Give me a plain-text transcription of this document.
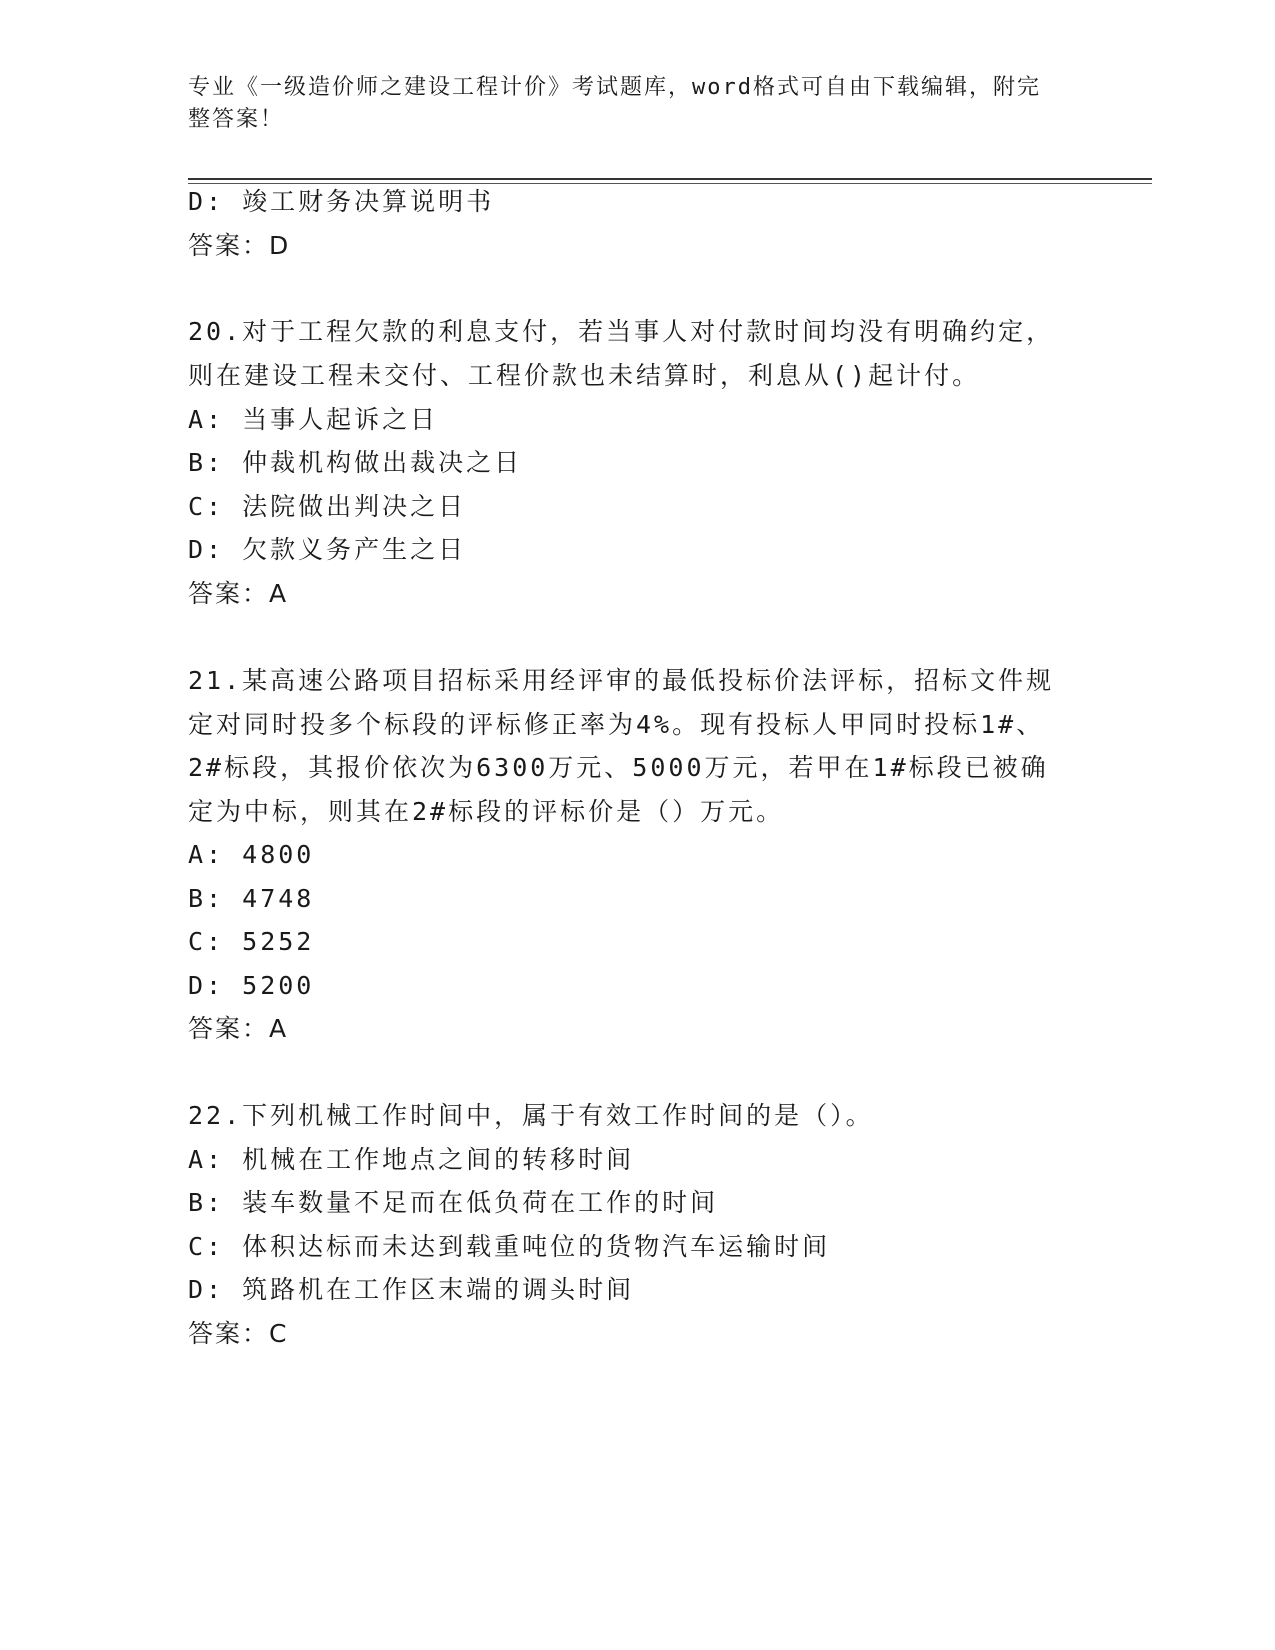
专业《一级造价师之建设工程计价》考试题库，word格式可自由下载编辑，附完
整答案！
D: 竣工财务决算说明书
答案：D
20.对于工程欠款的利息支付，若当事人对付款时间均没有明确约定，
则在建设工程未交付、工程价款也未结算时，利息从()起计付。
A: 当事人起诉之日
B: 仲裁机构做出裁决之日
C: 法院做出判决之日
D: 欠款义务产生之日
答案：A
21.某高速公路项目招标采用经评审的最低投标价法评标，招标文件规
定对同时投多个标段的评标修正率为4%。现有投标人甲同时投标1#、
2#标段，其报价依次为6300万元、5000万元，若甲在1#标段已被确
定为中标，则其在2#标段的评标价是（）万元。
A: 4800
B: 4748
C: 5252
D: 5200
答案：A
22.下列机械工作时间中，属于有效工作时间的是（）。
A: 机械在工作地点之间的转移时间
B: 装车数量不足而在低负荷在工作的时间
C: 体积达标而未达到载重吨位的货物汽车运输时间
D: 筑路机在工作区末端的调头时间
答案：C
